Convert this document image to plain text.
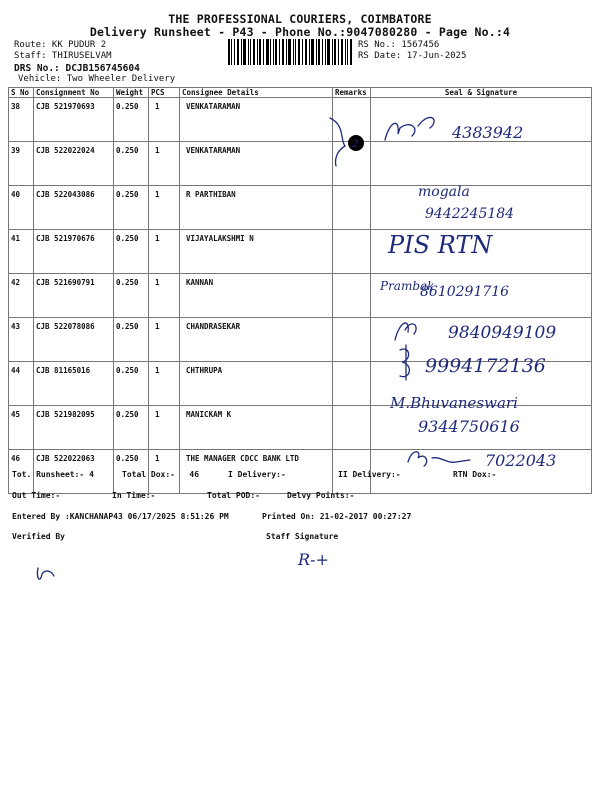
THE PROFESSIONAL COURIERS, COIMBATORE
Delivery Runsheet - P43 - Phone No.:9047080280 - Page No.:4
Route: KK PUDUR 2
Staff: THIRUSELVAM
DRS No.: DCJB156745604
Vehicle: Two Wheeler Delivery
RS No.: 1567456
RS Date: 17-Jun-2025
S No	Consignment No	Weight	PCS	Consignee Details	Remarks	Seal & Signature
38	CJB 521970693	0.250	1	VENKATARAMAN		
39	CJB 522022024	0.250	1	VENKATARAMAN		
40	CJB 522043086	0.250	1	R PARTHIBAN		
41	CJB 521970676	0.250	1	VIJAYALAKSHMI N		
42	CJB 521690791	0.250	1	KANNAN		
43	CJB 522078086	0.250	1	CHANDRASEKAR		
44	CJB 81165016	0.250	1	CHTHRUPA		
45	CJB 521982095	0.250	1	MANICKAM K		
46	CJB 522022063	0.250	1	THE MANAGER CDCC BANK LTD		
Tot. Runsheet:- 4	Total Dox:-   46	I Delivery:-	II Delivery:-	RTN Dox:-
Out Time:-	In Time:-	Total POD:-	Delvy Points:-
Entered By :KANCHANAP43 06/17/2025 8:51:26 PM	Printed On: 21-02-2017 00:27:27
Verified By	Staff Signature
2
4383942
mogala
9442245184
PIS RTN
Prambak
8610291716
9840949109
9994172136
M.Bhuvaneswari
9344750616
7022043
R-+
